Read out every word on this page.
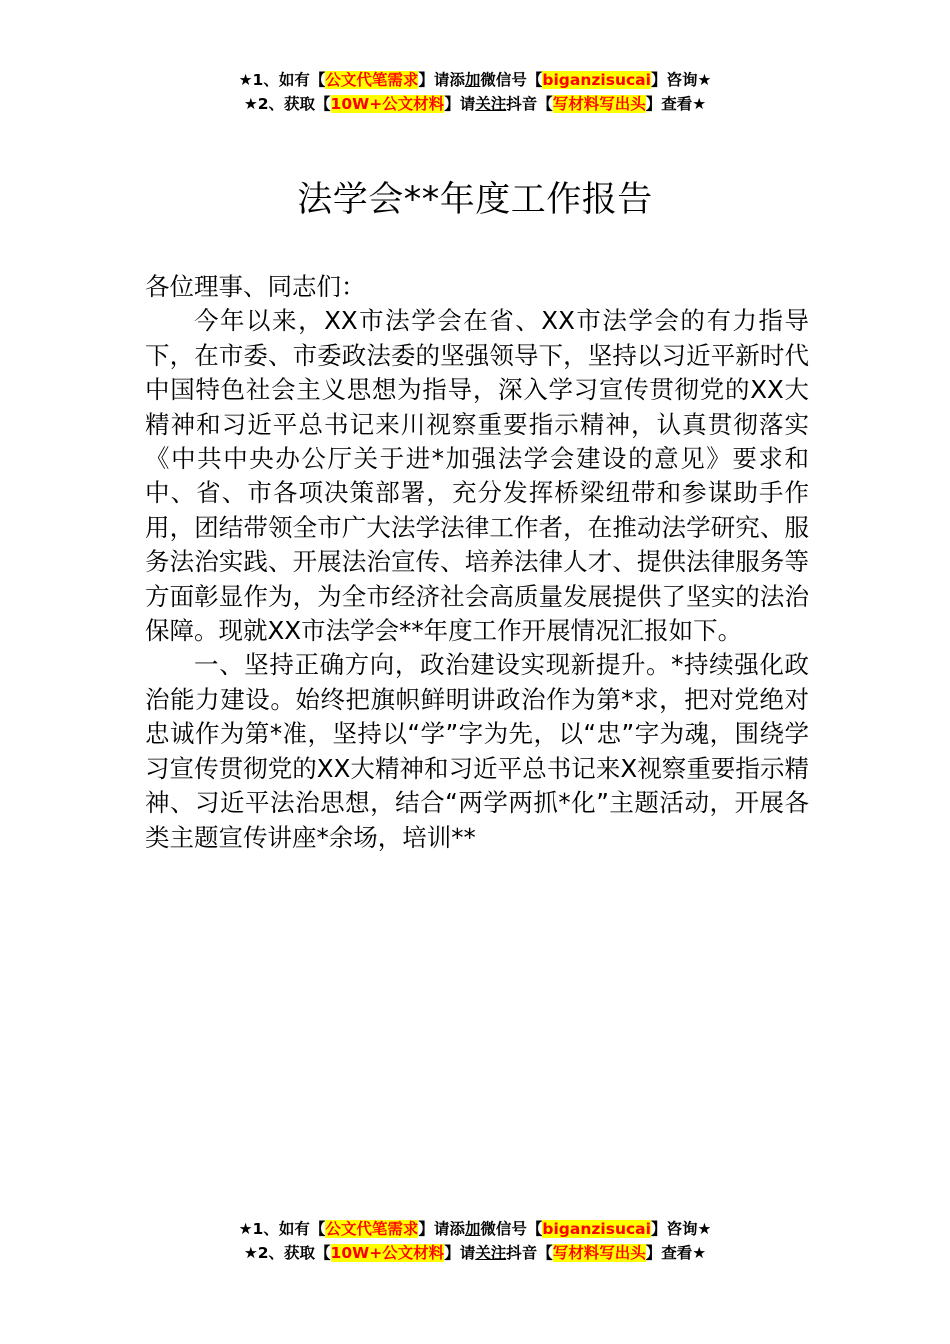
★1、如有【公文代笔需求】请添加微信号【biganzisucai】咨询★
★2、获取【10W+公文材料】请关注抖音【写材料写出头】查看★
法学会**年度工作报告

各位理事、同志们：

今年以来，XX市法学会在省、XX市法学会的有力指导下，在市委、市委政法委的坚强领导下，坚持以习近平新时代中国特色社会主义思想为指导，深入学习宣传贯彻党的XX大精神和习近平总书记来川视察重要指示精神，认真贯彻落实《中共中央办公厅关于进*加强法学会建设的意见》要求和中、省、市各项决策部署，充分发挥桥梁纽带和参谋助手作用，团结带领全市广大法学法律工作者，在推动法学研究、服务法治实践、开展法治宣传、培养法律人才、提供法律服务等方面彰显作为，为全市经济社会高质量发展提供了坚实的法治保障。现就XX市法学会**年度工作开展情况汇报如下。

一、坚持正确方向，政治建设实现新提升。*持续强化政治能力建设。始终把旗帜鲜明讲政治作为第*求，把对党绝对忠诚作为第*准，坚持以“学”字为先，以“忠”字为魂，围绕学习宣传贯彻党的XX大精神和习近平总书记来X视察重要指示精神、习近平法治思想，结合“两学两抓*化”主题活动，开展各类主题宣传讲座*余场，培训**

★1、如有【公文代笔需求】请添加微信号【biganzisucai】咨询★
★2、获取【10W+公文材料】请关注抖音【写材料写出头】查看★
